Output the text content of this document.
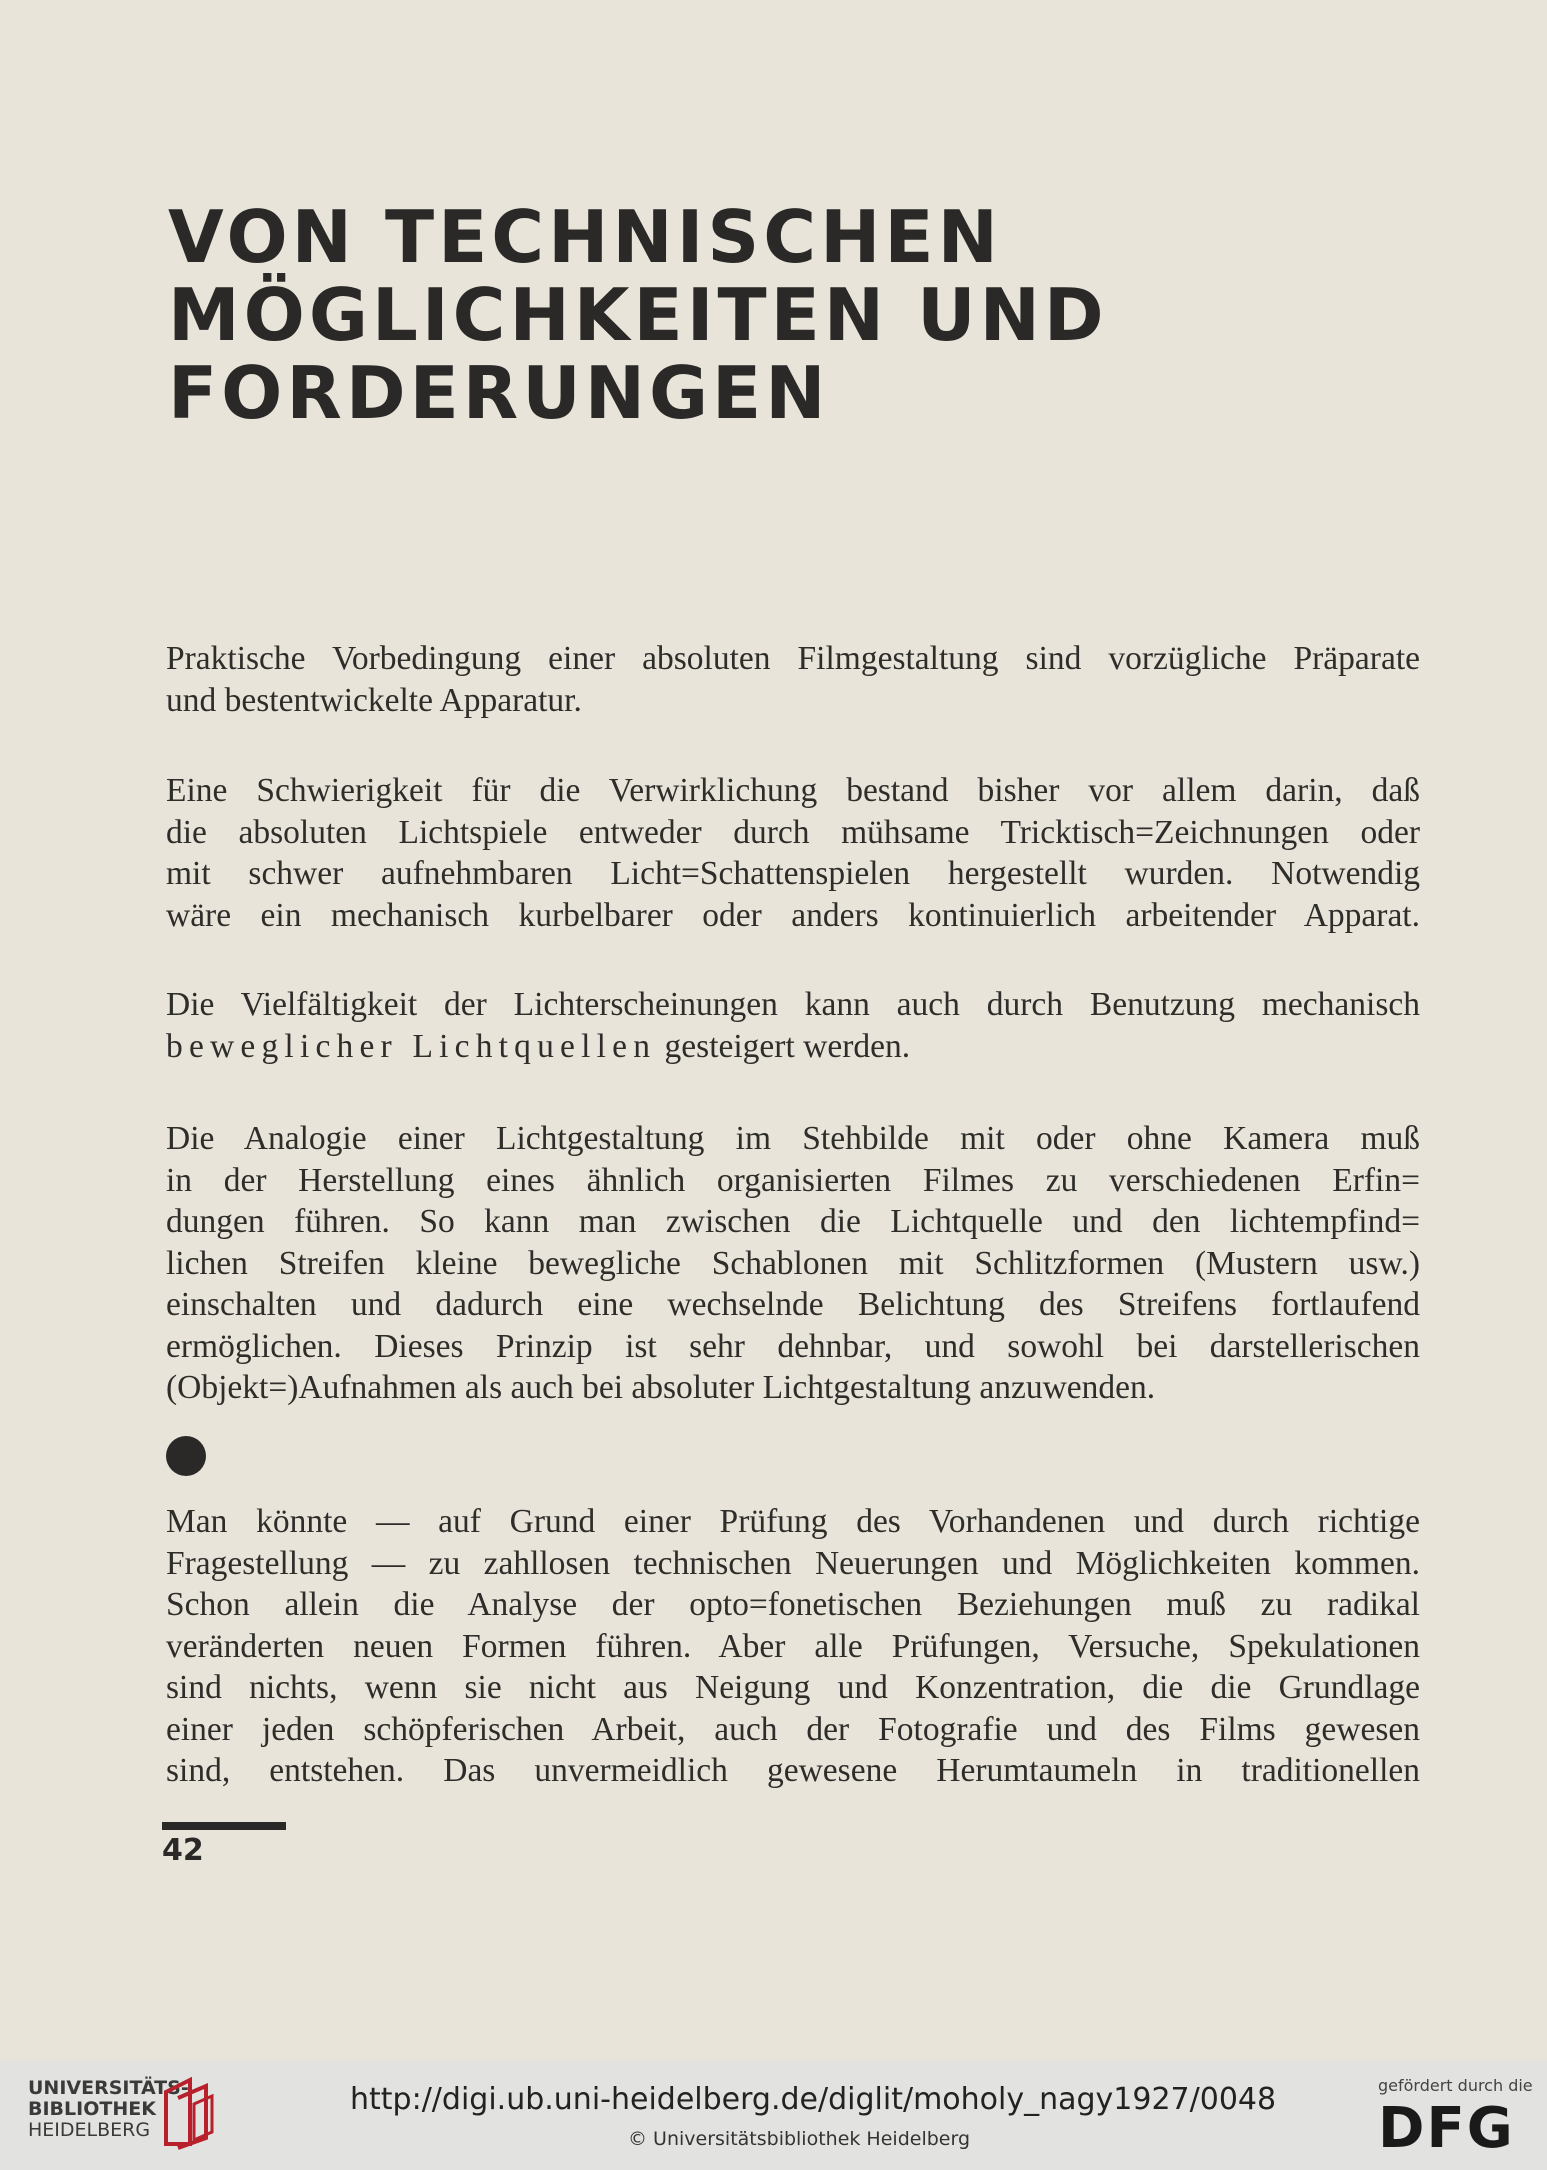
VON TECHNISCHEN
MÖGLICHKEITEN UND
FORDERUNGEN
Praktische Vorbedingung einer absoluten Filmgestaltung sind vorzügliche Präparate
und bestentwickelte Apparatur.
Eine Schwierigkeit für die Verwirklichung bestand bisher vor allem darin, daß
die absoluten Lichtspiele entweder durch mühsame Tricktisch=Zeichnungen oder
mit schwer aufnehmbaren Licht=Schattenspielen hergestellt wurden. Notwendig
wäre ein mechanisch kurbelbarer oder anders kontinuierlich arbeitender Apparat.
Die Vielfältigkeit der Lichterscheinungen kann auch durch Benutzung mechanisch
beweglicher Lichtquellen gesteigert werden.
Die Analogie einer Lichtgestaltung im Stehbilde mit oder ohne Kamera muß
in der Herstellung eines ähnlich organisierten Filmes zu verschiedenen Erfin=
dungen führen. So kann man zwischen die Lichtquelle und den lichtempfind=
lichen Streifen kleine bewegliche Schablonen mit Schlitzformen (Mustern usw.)
einschalten und dadurch eine wechselnde Belichtung des Streifens fortlaufend
ermöglichen. Dieses Prinzip ist sehr dehnbar, und sowohl bei darstellerischen
(Objekt=)Aufnahmen als auch bei absoluter Lichtgestaltung anzuwenden.
Man könnte — auf Grund einer Prüfung des Vorhandenen und durch richtige
Fragestellung — zu zahllosen technischen Neuerungen und Möglichkeiten kommen.
Schon allein die Analyse der opto=fonetischen Beziehungen muß zu radikal
veränderten neuen Formen führen. Aber alle Prüfungen, Versuche, Spekulationen
sind nichts, wenn sie nicht aus Neigung und Konzentration, die die Grundlage
einer jeden schöpferischen Arbeit, auch der Fotografie und des Films gewesen
sind, entstehen. Das unvermeidlich gewesene Herumtaumeln in traditionellen
42
UNIVERSITÄTS-
BIBLIOTHEK
HEIDELBERG
http://digi.ub.uni-heidelberg.de/diglit/moholy_nagy1927/0048
© Universitätsbibliothek Heidelberg
gefördert durch die
DFG
